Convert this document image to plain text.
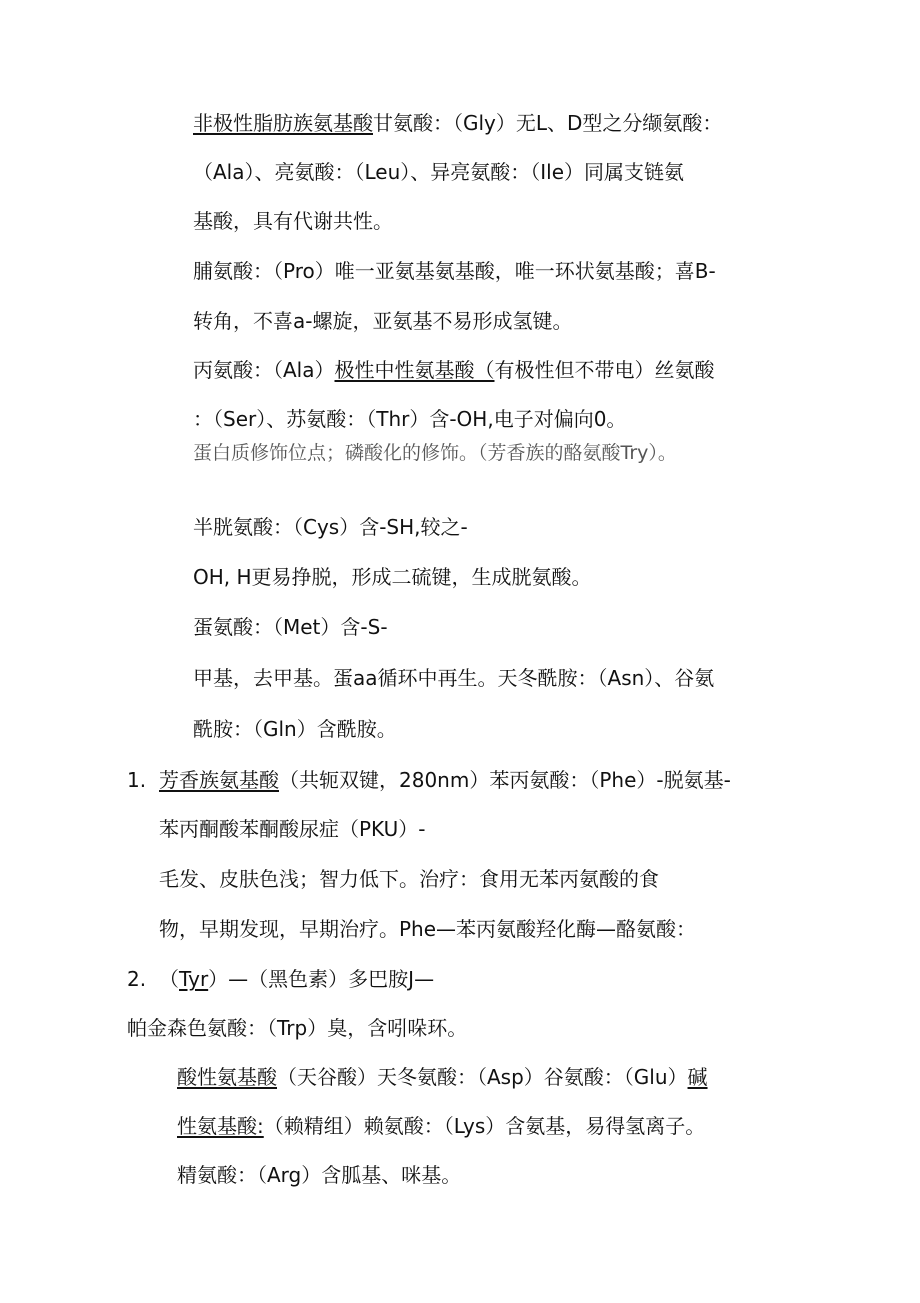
非极性脂肪族氨基酸甘氨酸：（Gly）无L、D型之分缬氨酸：
（Ala）、亮氨酸：（Leu）、异亮氨酸：（Ile）同属支链氨
基酸，具有代谢共性。
脯氨酸：（Pro）唯一亚氨基氨基酸，唯一环状氨基酸；喜B-
转角，不喜a-螺旋，亚氨基不易形成氢键。
丙氨酸：（Ala）极性中性氨基酸（有极性但不带电）丝氨酸
：（Ser）、苏氨酸：（Thr）含-OH,电子对偏向0。
蛋白质修饰位点；磷酸化的修饰。（芳香族的酪氨酸Try）。
半胱氨酸：（Cys）含-SH,较之-
OH, H更易挣脱，形成二硫键，生成胱氨酸。
蛋氨酸：（Met）含-S-
甲基，去甲基。蛋aa循环中再生。天冬酰胺：（Asn）、谷氨
酰胺：（Gln）含酰胺。
1. 芳香族氨基酸（共轭双键，280nm）苯丙氨酸：（Phe）-脱氨基-
苯丙酮酸苯酮酸尿症（PKU）-
毛发、皮肤色浅；智力低下。治疗：食用无苯丙氨酸的食
物，早期发现，早期治疗。Phe—苯丙氨酸羟化酶—酪氨酸：
2. （Tyr）—（黑色素）多巴胺J—
帕金森色氨酸：（Trp）臭，含吲哚环。
酸性氨基酸（天谷酸）天冬氨酸：（Asp）谷氨酸：（Glu）碱
性氨基酸:（赖精组）赖氨酸：（Lys）含氨基，易得氢离子。
精氨酸：（Arg）含胍基、咪基。
